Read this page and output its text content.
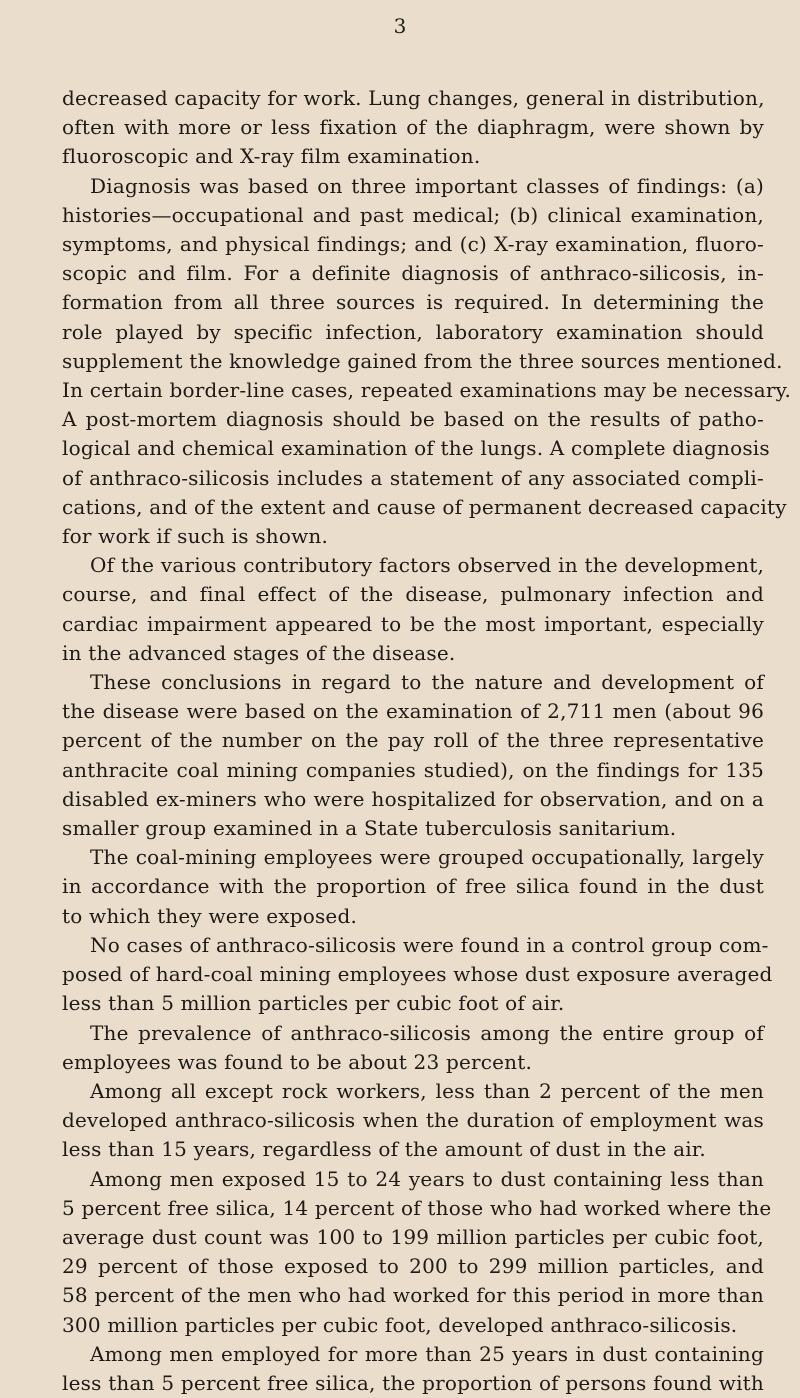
3

decreased capacity for work. Lung changes, general in distribution,
often with more or less fixation of the diaphragm, were shown by
fluoroscopic and X-ray film examination.

Diagnosis was based on three important classes of findings: (a)
histories—occupational and past medical; (b) clinical examination,
symptoms, and physical findings; and (c) X-ray examination, fluoro-
scopic and film. For a definite diagnosis of anthraco-silicosis, in-
formation from all three sources is required. In determining the
role played by specific infection, laboratory examination should
supplement the knowledge gained from the three sources mentioned.
In certain border-line cases, repeated examinations may be necessary.
A post-mortem diagnosis should be based on the results of patho-
logical and chemical examination of the lungs. A complete diagnosis
of anthraco-silicosis includes a statement of any associated compli-
cations, and of the extent and cause of permanent decreased capacity
for work if such is shown.

Of the various contributory factors observed in the development,
course, and final effect of the disease, pulmonary infection and
cardiac impairment appeared to be the most important, especially
in the advanced stages of the disease.

These conclusions in regard to the nature and development of
the disease were based on the examination of 2,711 men (about 96
percent of the number on the pay roll of the three representative
anthracite coal mining companies studied), on the findings for 135
disabled ex-miners who were hospitalized for observation, and on a
smaller group examined in a State tuberculosis sanitarium.

The coal-mining employees were grouped occupationally, largely
in accordance with the proportion of free silica found in the dust
to which they were exposed.

No cases of anthraco-silicosis were found in a control group com-
posed of hard-coal mining employees whose dust exposure averaged
less than 5 million particles per cubic foot of air.

The prevalence of anthraco-silicosis among the entire group of
employees was found to be about 23 percent.

Among all except rock workers, less than 2 percent of the men
developed anthraco-silicosis when the duration of employment was
less than 15 years, regardless of the amount of dust in the air.

Among men exposed 15 to 24 years to dust containing less than
5 percent free silica, 14 percent of those who had worked where the
average dust count was 100 to 199 million particles per cubic foot,
29 percent of those exposed to 200 to 299 million particles, and
58 percent of the men who had worked for this period in more than
300 million particles per cubic foot, developed anthraco-silicosis.

Among men employed for more than 25 years in dust containing
less than 5 percent free silica, the proportion of persons found with
